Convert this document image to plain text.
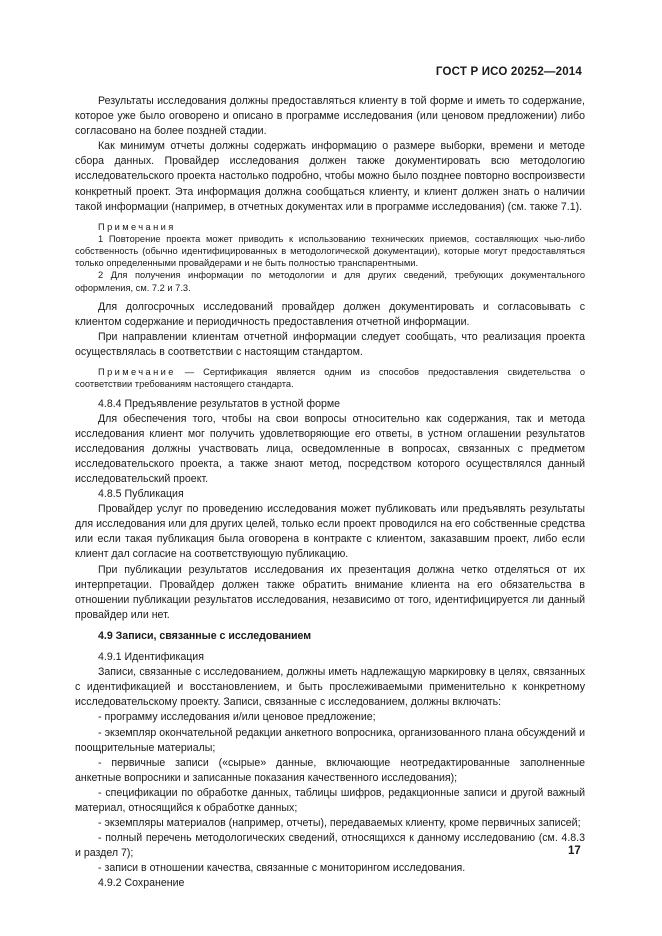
ГОСТ Р ИСО 20252—2014

Результаты исследования должны предоставляться клиенту в той форме и иметь то содержание, которое уже было оговорено и описано в программе исследования (или ценовом предложении) либо согласовано на более поздней стадии.

Как минимум отчеты должны содержать информацию о размере выборки, времени и методе сбора данных. Провайдер исследования должен также документировать всю методологию исследовательского проекта настолько подробно, чтобы можно было позднее повторно воспроизвести конкретный проект. Эта информация должна сообщаться клиенту, и клиент должен знать о наличии такой информации (например, в отчетных документах или в программе исследования) (см. также 7.1).

Примечания

1 Повторение проекта может приводить к использованию технических приемов, составляющих чью-либо собственность (обычно идентифицированных в методологической документации), которые могут предоставляться только определенными провайдерами и не быть полностью транспарентными.

2 Для получения информации по методологии и для других сведений, требующих документального оформления, см. 7.2 и 7.3.

Для долгосрочных исследований провайдер должен документировать и согласовывать с клиентом содержание и периодичность предоставления отчетной информации.

При направлении клиентам отчетной информации следует сообщать, что реализация проекта осуществлялась в соответствии с настоящим стандартом.

Примечание — Сертификация является одним из способов предоставления свидетельства о соответствии требованиям настоящего стандарта.

4.8.4 Предъявление результатов в устной форме

Для обеспечения того, чтобы на свои вопросы относительно как содержания, так и метода исследования клиент мог получить удовлетворяющие его ответы, в устном оглашении результатов исследования должны участвовать лица, осведомленные в вопросах, связанных с предметом исследовательского проекта, а также знают метод, посредством которого осуществлялся данный исследовательский проект.

4.8.5 Публикация

Провайдер услуг по проведению исследования может публиковать или предъявлять результаты для исследования или для других целей, только если проект проводился на его собственные средства или если такая публикация была оговорена в контракте с клиентом, заказавшим проект, либо если клиент дал согласие на соответствующую публикацию.

При публикации результатов исследования их презентация должна четко отделяться от их интерпретации. Провайдер должен также обратить внимание клиента на его обязательства в отношении публикации результатов исследования, независимо от того, идентифицируется ли данный провайдер или нет.

4.9 Записи, связанные с исследованием

4.9.1 Идентификация

Записи, связанные с исследованием, должны иметь надлежащую маркировку в целях, связанных с идентификацией и восстановлением, и быть прослеживаемыми применительно к конкретному исследовательскому проекту. Записи, связанные с исследованием, должны включать:

- программу исследования и/или ценовое предложение;

- экземпляр окончательной редакции анкетного вопросника, организованного плана обсуждений и поощрительные материалы;

- первичные записи («сырые» данные, включающие неотредактированные заполненные анкетные вопросники и записанные показания качественного исследования);

- спецификации по обработке данных, таблицы шифров, редакционные записи и другой важный материал, относящийся к обработке данных;

- экземпляры материалов (например, отчеты), передаваемых клиенту, кроме первичных записей;

- полный перечень методологических сведений, относящихся к данному исследованию (см. 4.8.3 и раздел 7);

- записи в отношении качества, связанные с мониторингом исследования.

4.9.2 Сохранение

17
